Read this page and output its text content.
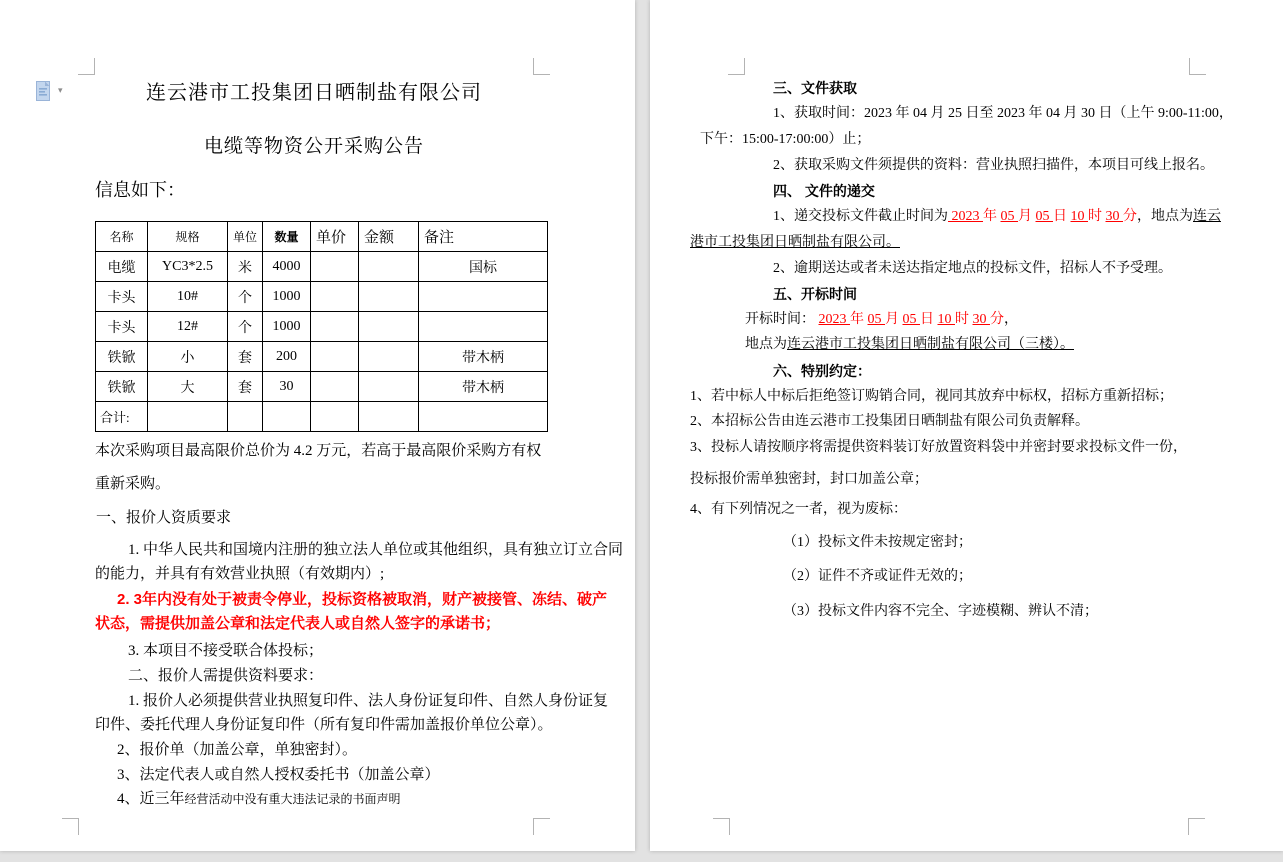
连云港市工投集团日晒制盐有限公司
电缆等物资公开采购公告
信息如下：
名称	规格	单位	数量	单价	金额	备注
电缆	YC3*2.5	米	4000			国标
卡头	10#	个	1000			
卡头	12#	个	1000			
铁锨	小	套	200			带木柄
铁锨	大	套	30			带木柄
合计:						
本次采购项目最高限价总价为 4.2 万元，若高于最高限价采购方有权
重新采购。
一、报价人资质要求
1. 中华人民共和国境内注册的独立法人单位或其他组织，具有独立订立合同
的能力，并具有有效营业执照（有效期内）;
2. 3年内没有处于被责令停业，投标资格被取消，财产被接管、冻结、破产
状态，需提供加盖公章和法定代表人或自然人签字的承诺书；
3. 本项目不接受联合体投标；
二、报价人需提供资料要求：
1. 报价人必须提供营业执照复印件、法人身份证复印件、自然人身份证复
印件、委托代理人身份证复印件（所有复印件需加盖报价单位公章）。
2、报价单（加盖公章，单独密封）。
3、法定代表人或自然人授权委托书（加盖公章）
4、近三年经营活动中没有重大违法记录的书面声明
三、文件获取
1、获取时间：2023 年 04 月 25 日至 2023 年 04 月 30 日（上午 9:00-11:00，
下午：15:00-17:00:00）止；
2、获取采购文件须提供的资料：营业执照扫描件，本项目可线上报名。
四、 文件的递交
1、递交投标文件截止时间为 2023 年 05 月 05 日 10 时 30 分，地点为连云
港市工投集团日晒制盐有限公司。
2、逾期送达或者未送达指定地点的投标文件，招标人不予受理。
五、开标时间
开标时间： 2023 年 05 月 05 日 10 时 30 分，
地点为连云港市工投集团日晒制盐有限公司（三楼）。
六、特别约定：
1、若中标人中标后拒绝签订购销合同，视同其放弃中标权，招标方重新招标；
2、本招标公告由连云港市工投集团日晒制盐有限公司负责解释。
3、投标人请按顺序将需提供资料装订好放置资料袋中并密封要求投标文件一份，
投标报价需单独密封，封口加盖公章；
4、有下列情况之一者，视为废标：
（1）投标文件未按规定密封；
（2）证件不齐或证件无效的；
（3）投标文件内容不完全、字迹模糊、辨认不清；
▾
